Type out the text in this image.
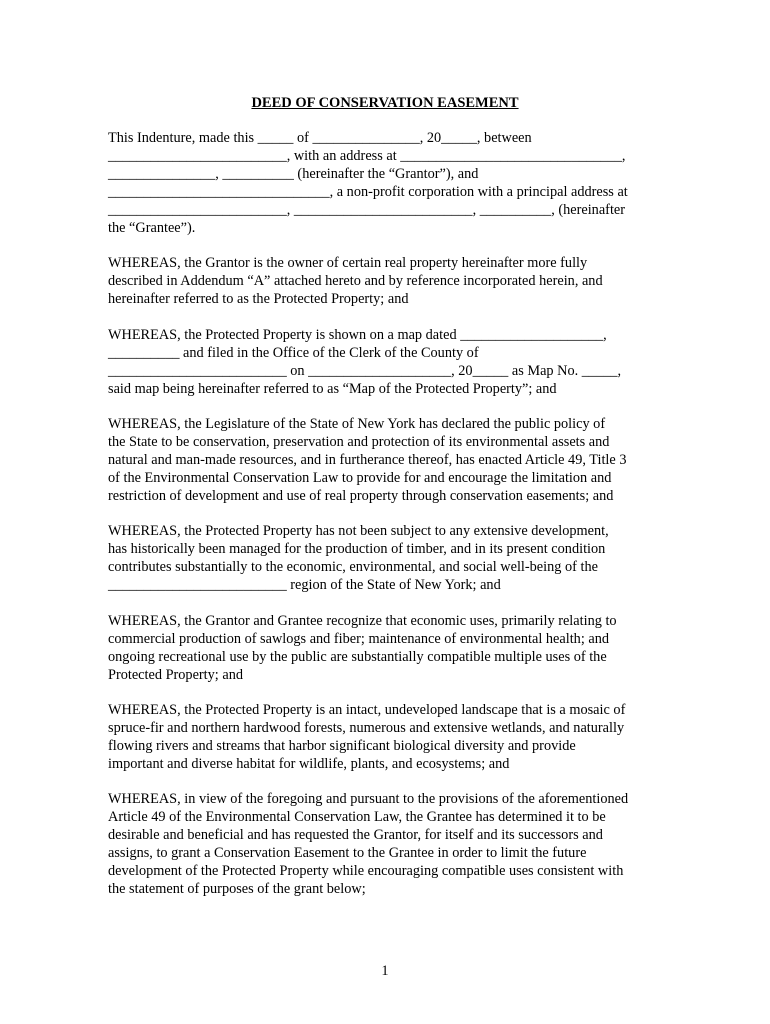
DEED OF CONSERVATION EASEMENT
This Indenture, made this _____ of _______________, 20_____, between
_________________________, with an address at _______________________________,
_______________, __________ (hereinafter the “Grantor”), and
_______________________________, a non-profit corporation with a principal address at
_________________________, _________________________, __________, (hereinafter
the “Grantee”).
WHEREAS, the Grantor is the owner of certain real property hereinafter more fully
described in Addendum “A” attached hereto and by reference incorporated herein, and
hereinafter referred to as the Protected Property; and
WHEREAS, the Protected Property is shown on a map dated ____________________,
__________ and filed in the Office of the Clerk of the County of
_________________________ on ____________________, 20_____ as Map No. _____,
said map being hereinafter referred to as “Map of the Protected Property”; and
WHEREAS, the Legislature of the State of New York has declared the public policy of
the State to be conservation, preservation and protection of its environmental assets and
natural and man-made resources, and in furtherance thereof, has enacted Article 49, Title 3
of the Environmental Conservation Law to provide for and encourage the limitation and
restriction of development and use of real property through conservation easements; and
WHEREAS, the Protected Property has not been subject to any extensive development,
has historically been managed for the production of timber, and in its present condition
contributes substantially to the economic, environmental, and social well-being of the
_________________________ region of the State of New York; and
WHEREAS, the Grantor and Grantee recognize that economic uses, primarily relating to
commercial production of sawlogs and fiber; maintenance of environmental health; and
ongoing recreational use by the public are substantially compatible multiple uses of the
Protected Property; and
WHEREAS, the Protected Property is an intact, undeveloped landscape that is a mosaic of
spruce-fir and northern hardwood forests, numerous and extensive wetlands, and naturally
flowing rivers and streams that harbor significant biological diversity and provide
important and diverse habitat for wildlife, plants, and ecosystems; and
WHEREAS, in view of the foregoing and pursuant to the provisions of the aforementioned
Article 49 of the Environmental Conservation Law, the Grantee has determined it to be
desirable and beneficial and has requested the Grantor, for itself and its successors and
assigns, to grant a Conservation Easement to the Grantee in order to limit the future
development of the Protected Property while encouraging compatible uses consistent with
the statement of purposes of the grant below;
1
